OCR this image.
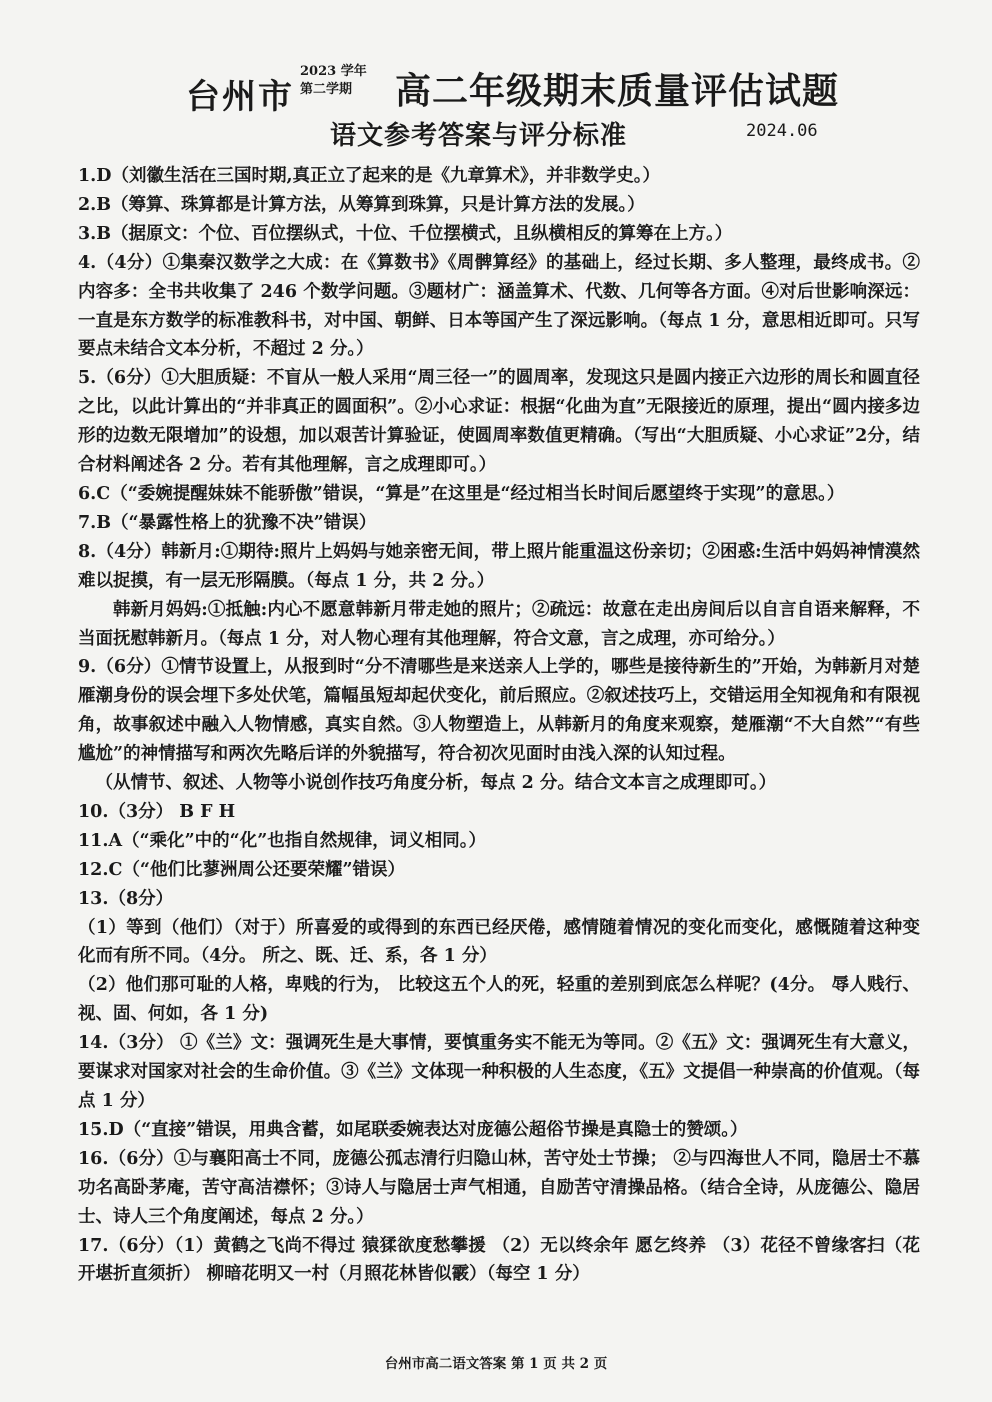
台州市
2023 学年
第二学期	高二年级期末质量评估试题
语文参考答案与评分标准	2024.06

1.D（刘徽生活在三国时期,真正立了起来的是《九章算术》，并非数学史。）

2.B（筹算、珠算都是计算方法，从筹算到珠算，只是计算方法的发展。）

3.B（据原文：个位、百位摆纵式，十位、千位摆横式，且纵横相反的算筹在上方。）

4.（4分）①集秦汉数学之大成：在《算数书》《周髀算经》的基础上，经过长期、多人整理，最终成书。②内容多：全书共收集了 246 个数学问题。③题材广：涵盖算术、代数、几何等各方面。④对后世影响深远：一直是东方数学的标准教科书，对中国、朝鲜、日本等国产生了深远影响。（每点 1 分，意思相近即可。只写要点未结合文本分析，不超过 2 分。）

5.（6分）①大胆质疑：不盲从一般人采用“周三径一”的圆周率，发现这只是圆内接正六边形的周长和圆直径之比，以此计算出的“并非真正的圆面积”。②小心求证：根据“化曲为直”无限接近的原理，提出“圆内接多边形的边数无限增加”的设想，加以艰苦计算验证，使圆周率数值更精确。（写出“大胆质疑、小心求证”2分，结合材料阐述各 2 分。若有其他理解，言之成理即可。）

6.C（“委婉提醒妹妹不能骄傲”错误，“算是”在这里是“经过相当长时间后愿望终于实现”的意思。）

7.B（“暴露性格上的犹豫不决”错误）

8.（4分）韩新月:①期待:照片上妈妈与她亲密无间，带上照片能重温这份亲切；②困惑:生活中妈妈神情漠然难以捉摸，有一层无形隔膜。（每点 1 分，共 2 分。）

韩新月妈妈:①抵触:内心不愿意韩新月带走她的照片；②疏远：故意在走出房间后以自言自语来解释，不当面抚慰韩新月。（每点 1 分，对人物心理有其他理解，符合文意，言之成理，亦可给分。）

9.（6分）①情节设置上，从报到时“分不清哪些是来送亲人上学的，哪些是接待新生的”开始，为韩新月对楚雁潮身份的误会埋下多处伏笔，篇幅虽短却起伏变化，前后照应。②叙述技巧上，交错运用全知视角和有限视角，故事叙述中融入人物情感，真实自然。③人物塑造上，从韩新月的角度来观察，楚雁潮“不大自然”“有些尴尬”的神情描写和两次先略后详的外貌描写，符合初次见面时由浅入深的认知过程。

（从情节、叙述、人物等小说创作技巧角度分析，每点 2 分。结合文本言之成理即可。）

10.（3分） B F H

11.A（“乘化”中的“化”也指自然规律，词义相同。）

12.C（“他们比蓼洲周公还要荣耀”错误）

13.（8分）

（1）等到（他们）（对于）所喜爱的或得到的东西已经厌倦，感情随着情况的变化而变化，感慨随着这种变化而有所不同。（4分。 所之、既、迁、系，各 1 分）

（2）他们那可耻的人格，卑贱的行为， 比较这五个人的死，轻重的差别到底怎么样呢？(4分。 辱人贱行、视、固、何如，各 1 分)

14.（3分） ①《兰》文：强调死生是大事情，要慎重务实不能无为等同。②《五》文：强调死生有大意义，要谋求对国家对社会的生命价值。③《兰》文体现一种积极的人生态度，《五》文提倡一种崇高的价值观。（每点 1 分）

15.D（“直接”错误，用典含蓄，如尾联委婉表达对庞德公超俗节操是真隐士的赞颂。）

16.（6分）①与襄阳高士不同，庞德公孤志清行归隐山林，苦守处士节操； ②与四海世人不同，隐居士不慕功名高卧茅庵，苦守高洁襟怀；③诗人与隐居士声气相通，自励苦守清操品格。（结合全诗，从庞德公、隐居士、诗人三个角度阐述，每点 2 分。）

17.（6分）（1）黄鹤之飞尚不得过 猿猱欲度愁攀援 （2）无以终余年 愿乞终养 （3）花径不曾缘客扫（花开堪折直须折） 柳暗花明又一村（月照花林皆似霰）（每空 1 分）

台州市高二语文答案 第 1 页 共 2 页
